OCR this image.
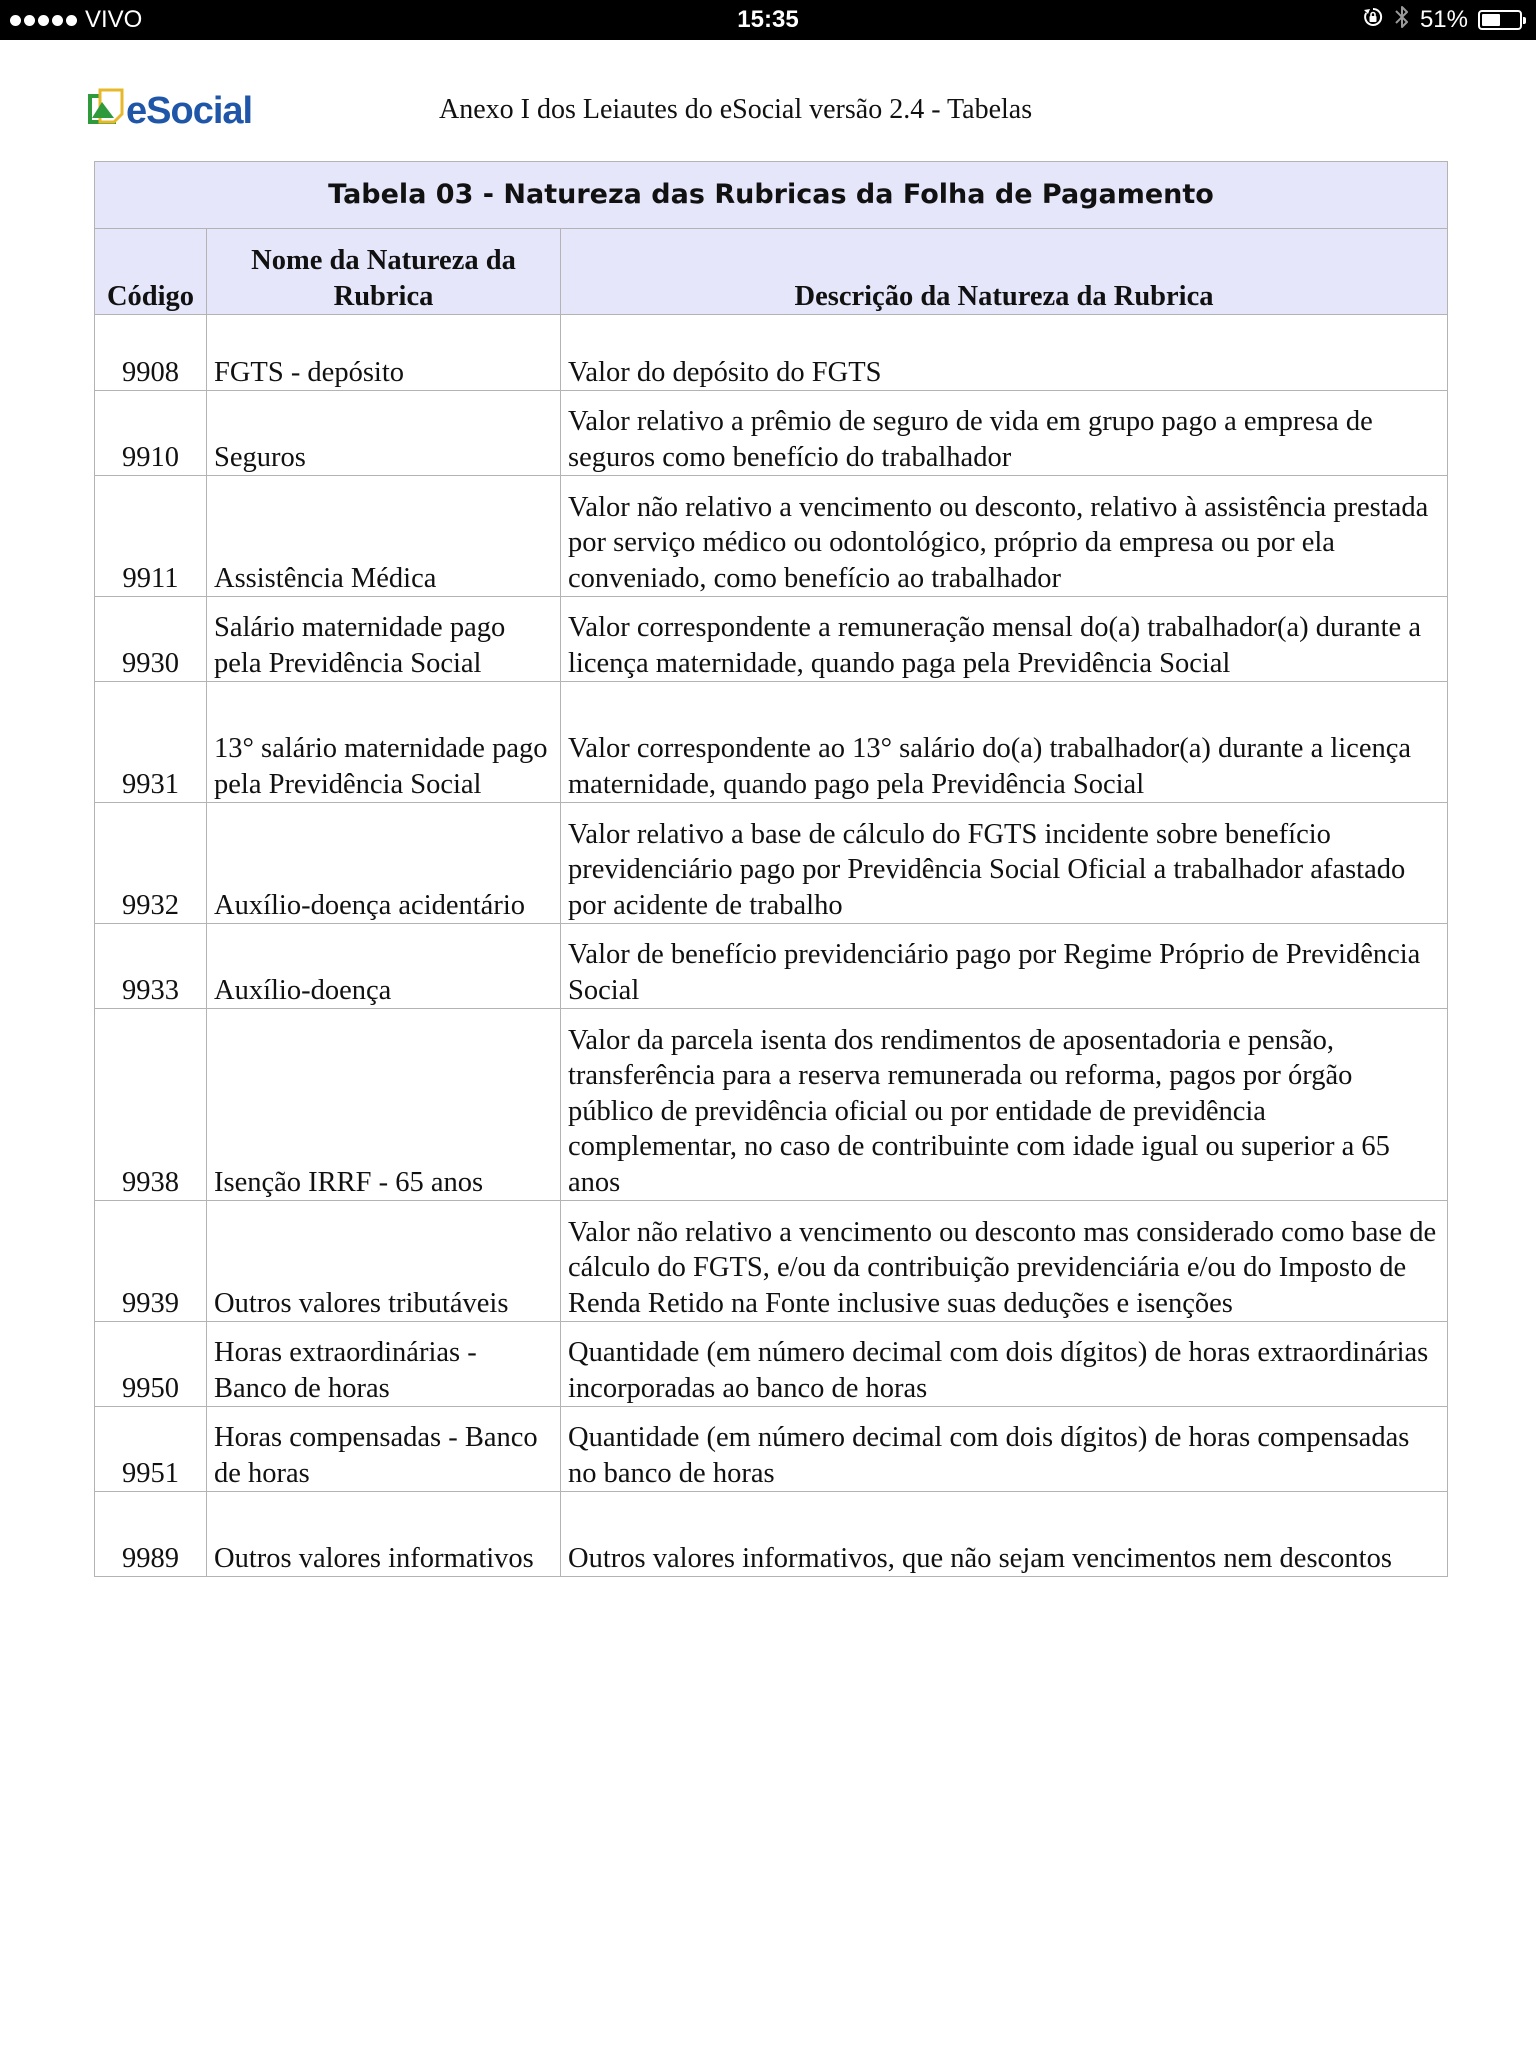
VIVO	15:35	51%
eSocial	Anexo I dos Leiautes do eSocial versão 2.4 - Tabelas
Tabela 03 - Natureza das Rubricas da Folha de Pagamento		
Código	Nome da Natureza da Rubrica	Descrição da Natureza da Rubrica
9908	FGTS - depósito	Valor do depósito do FGTS
9910	Seguros	Valor relativo a prêmio de seguro de vida em grupo pago a empresa de seguros como benefício do trabalhador
9911	Assistência Médica	Valor não relativo a vencimento ou desconto, relativo à assistência prestada por serviço médico ou odontológico, próprio da empresa ou por ela conveniado, como benefício ao trabalhador
9930	Salário maternidade pago pela Previdência Social	Valor correspondente a remuneração mensal do(a) trabalhador(a) durante a licença maternidade, quando paga pela Previdência Social
9931	13° salário maternidade pago pela Previdência Social	Valor correspondente ao 13° salário do(a) trabalhador(a) durante a licença maternidade, quando pago pela Previdência Social
9932	Auxílio-doença acidentário	Valor relativo a base de cálculo do FGTS incidente sobre benefício previdenciário pago por Previdência Social Oficial a trabalhador afastado por acidente de trabalho
9933	Auxílio-doença	Valor de benefício previdenciário pago por Regime Próprio de Previdência Social
9938	Isenção IRRF - 65 anos	Valor da parcela isenta dos rendimentos de aposentadoria e pensão, transferência para a reserva remunerada ou reforma, pagos por órgão público de previdência oficial ou por entidade de previdência complementar, no caso de contribuinte com idade igual ou superior a 65 anos
9939	Outros valores tributáveis	Valor não relativo a vencimento ou desconto mas considerado como base de cálculo do FGTS, e/ou da contribuição previdenciária e/ou do Imposto de Renda Retido na Fonte inclusive suas deduções e isenções
9950	Horas extraordinárias - Banco de horas	Quantidade (em número decimal com dois dígitos) de horas extraordinárias incorporadas ao banco de horas
9951	Horas compensadas - Banco de horas	Quantidade (em número decimal com dois dígitos) de horas compensadas no banco de horas
9989	Outros valores informativos	Outros valores informativos, que não sejam vencimentos nem descontos
